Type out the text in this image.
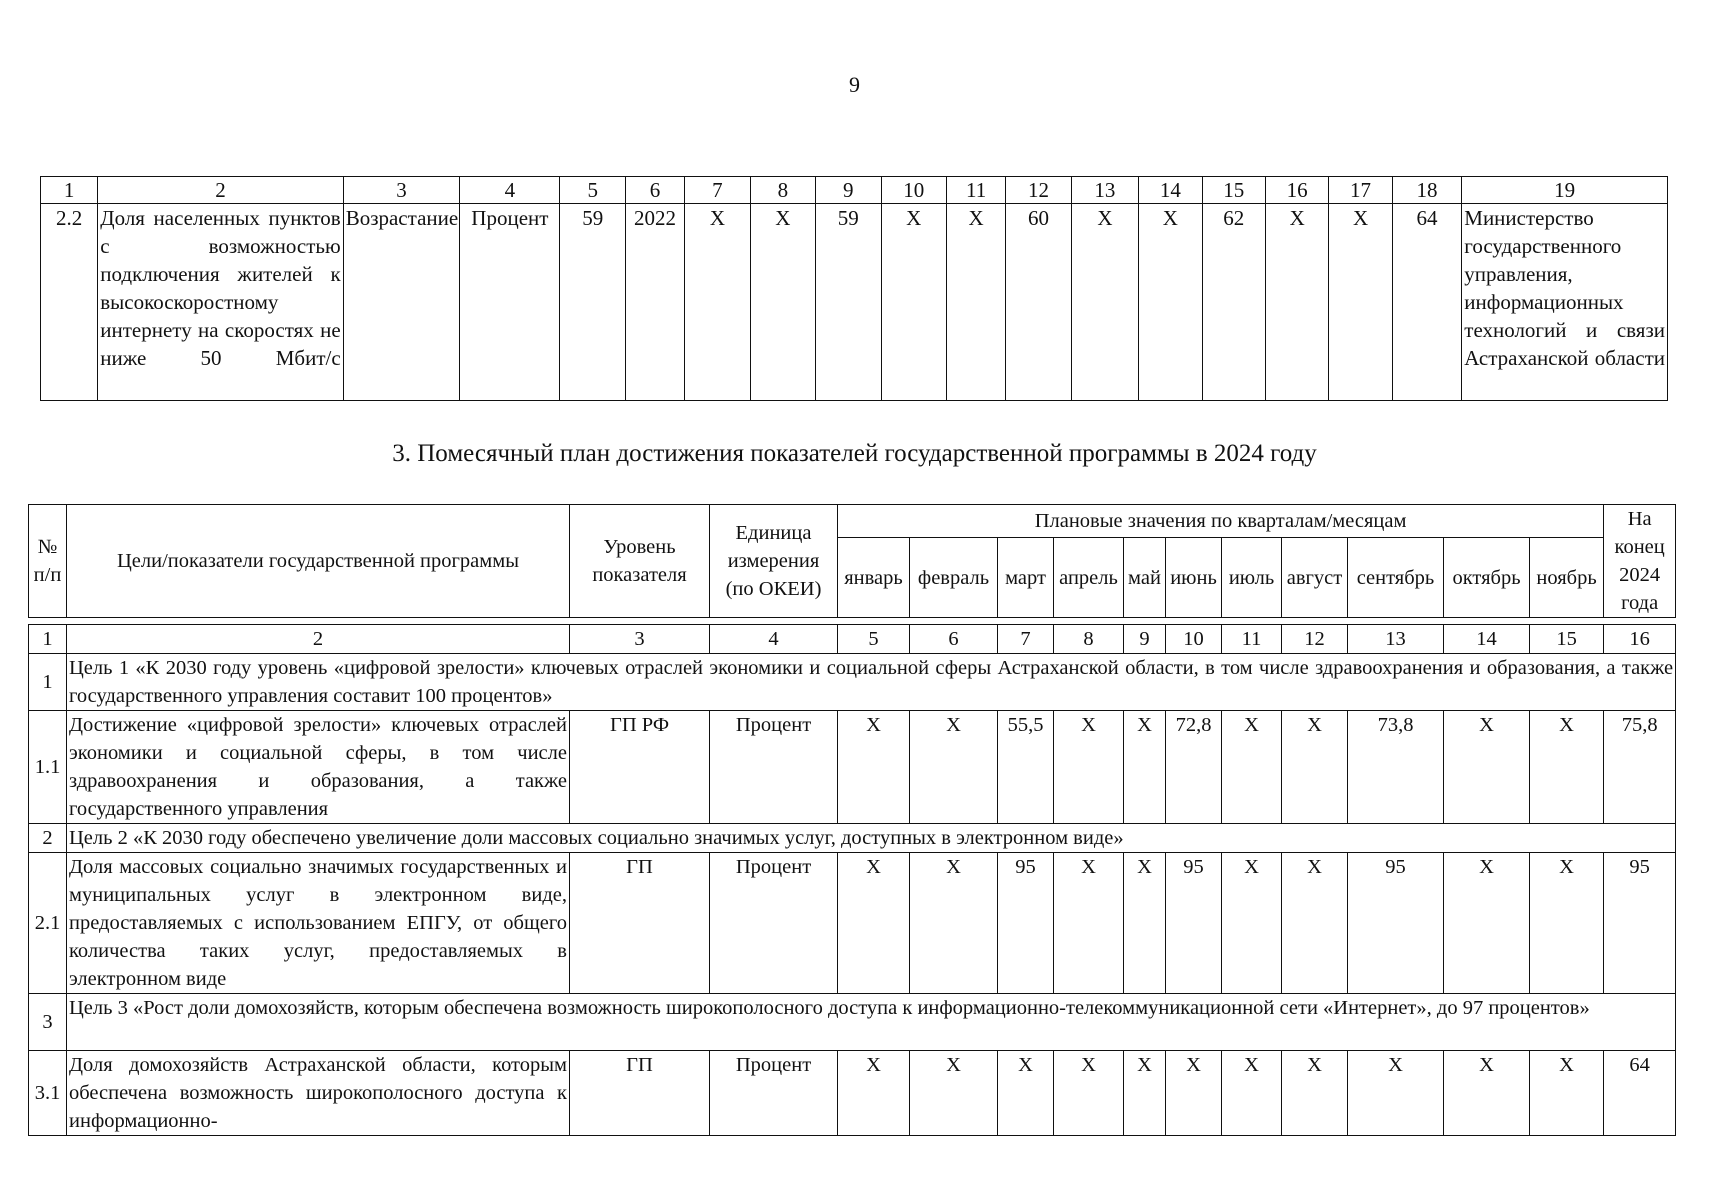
9
1	2	3	4	5	6	7	8	9	10	11	12	13	14	15	16	17	18	19
2.2	Доля населенных пунктов с возможностью подключения жителей к высокоскоростному интернету на скоростях не ниже 50 Мбит/с	Возрастание	Процент	59	2022	X	X	59	X	X	60	X	X	62	X	X	64	Министерство государственного управления, информационных технологий и связи Астраханской области
3. Помесячный план достижения показателей государственной программы в 2024 году
№ п/п	Цели/показатели государственной программы	Уровень показателя	Единица измерения (по ОКЕИ)	Плановые значения по кварталам/месяцам											На конец 2024 года
				январь	февраль	март	апрель	май	июнь	июль	август	сентябрь	октябрь	ноябрь	

1	2	3	4	5	6	7	8	9	10	11	12	13	14	15	16
1	Цель 1 «К 2030 году уровень «цифровой зрелости» ключевых отраслей экономики и социальной сферы Астраханской области, в том числе здравоохранения и образования, а также государственного управления составит 100 процентов»														
1.1	Достижение «цифровой зрелости» ключевых отраслей экономики и социальной сферы, в том числе здравоохранения и образования, а также государственного управления	ГП РФ	Процент	X	X	55,5	X	X	72,8	X	X	73,8	X	X	75,8
2	Цель 2 «К 2030 году обеспечено увеличение доли массовых социально значимых услуг, доступных в электронном виде»														
2.1	Доля массовых социально значимых государственных и муниципальных услуг в электронном виде, предоставляемых с использованием ЕПГУ, от общего количества таких услуг, предоставляемых в электронном виде	ГП	Процент	X	X	95	X	X	95	X	X	95	X	X	95
3	Цель 3 «Рост доли домохозяйств, которым обеспечена возможность широкополосного доступа к информационно-телекоммуникационной сети «Интернет», до 97 процентов»														
3.1	Доля домохозяйств Астраханской области, которым обеспечена возможность широкополосного доступа к информационно-	ГП	Процент	X	X	X	X	X	X	X	X	X	X	X	64
